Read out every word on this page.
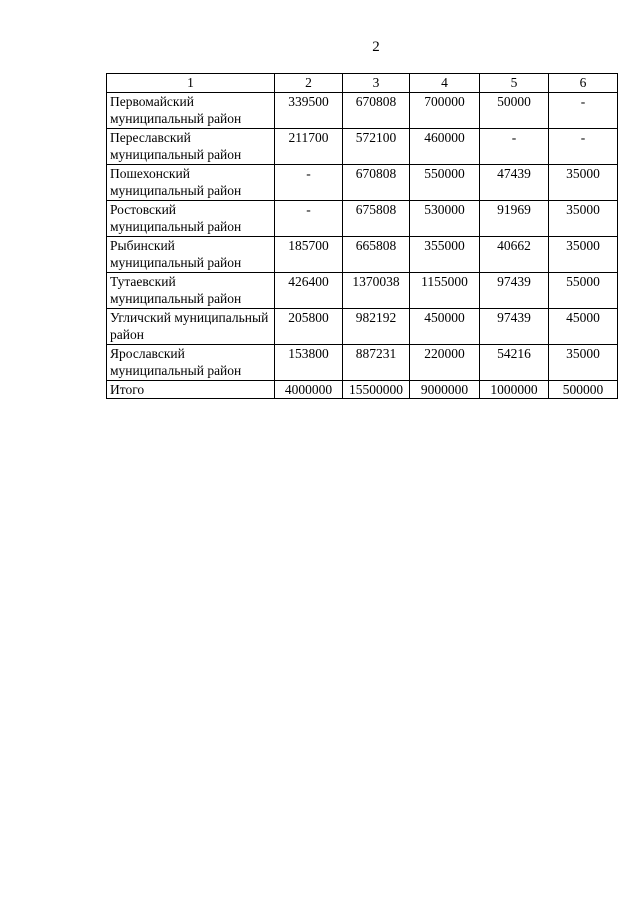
2
1	2	3	4	5	6
Первомайский муниципальный район	339500	670808	700000	50000	-
Переславский муниципальный район	211700	572100	460000	-	-
Пошехонский муниципальный район	-	670808	550000	47439	35000
Ростовский муниципальный район	-	675808	530000	91969	35000
Рыбинский муниципальный район	185700	665808	355000	40662	35000
Тутаевский муниципальный район	426400	1370038	1155000	97439	55000
Угличский муниципальный район	205800	982192	450000	97439	45000
Ярославский муниципальный район	153800	887231	220000	54216	35000
Итого	4000000	15500000	9000000	1000000	500000
